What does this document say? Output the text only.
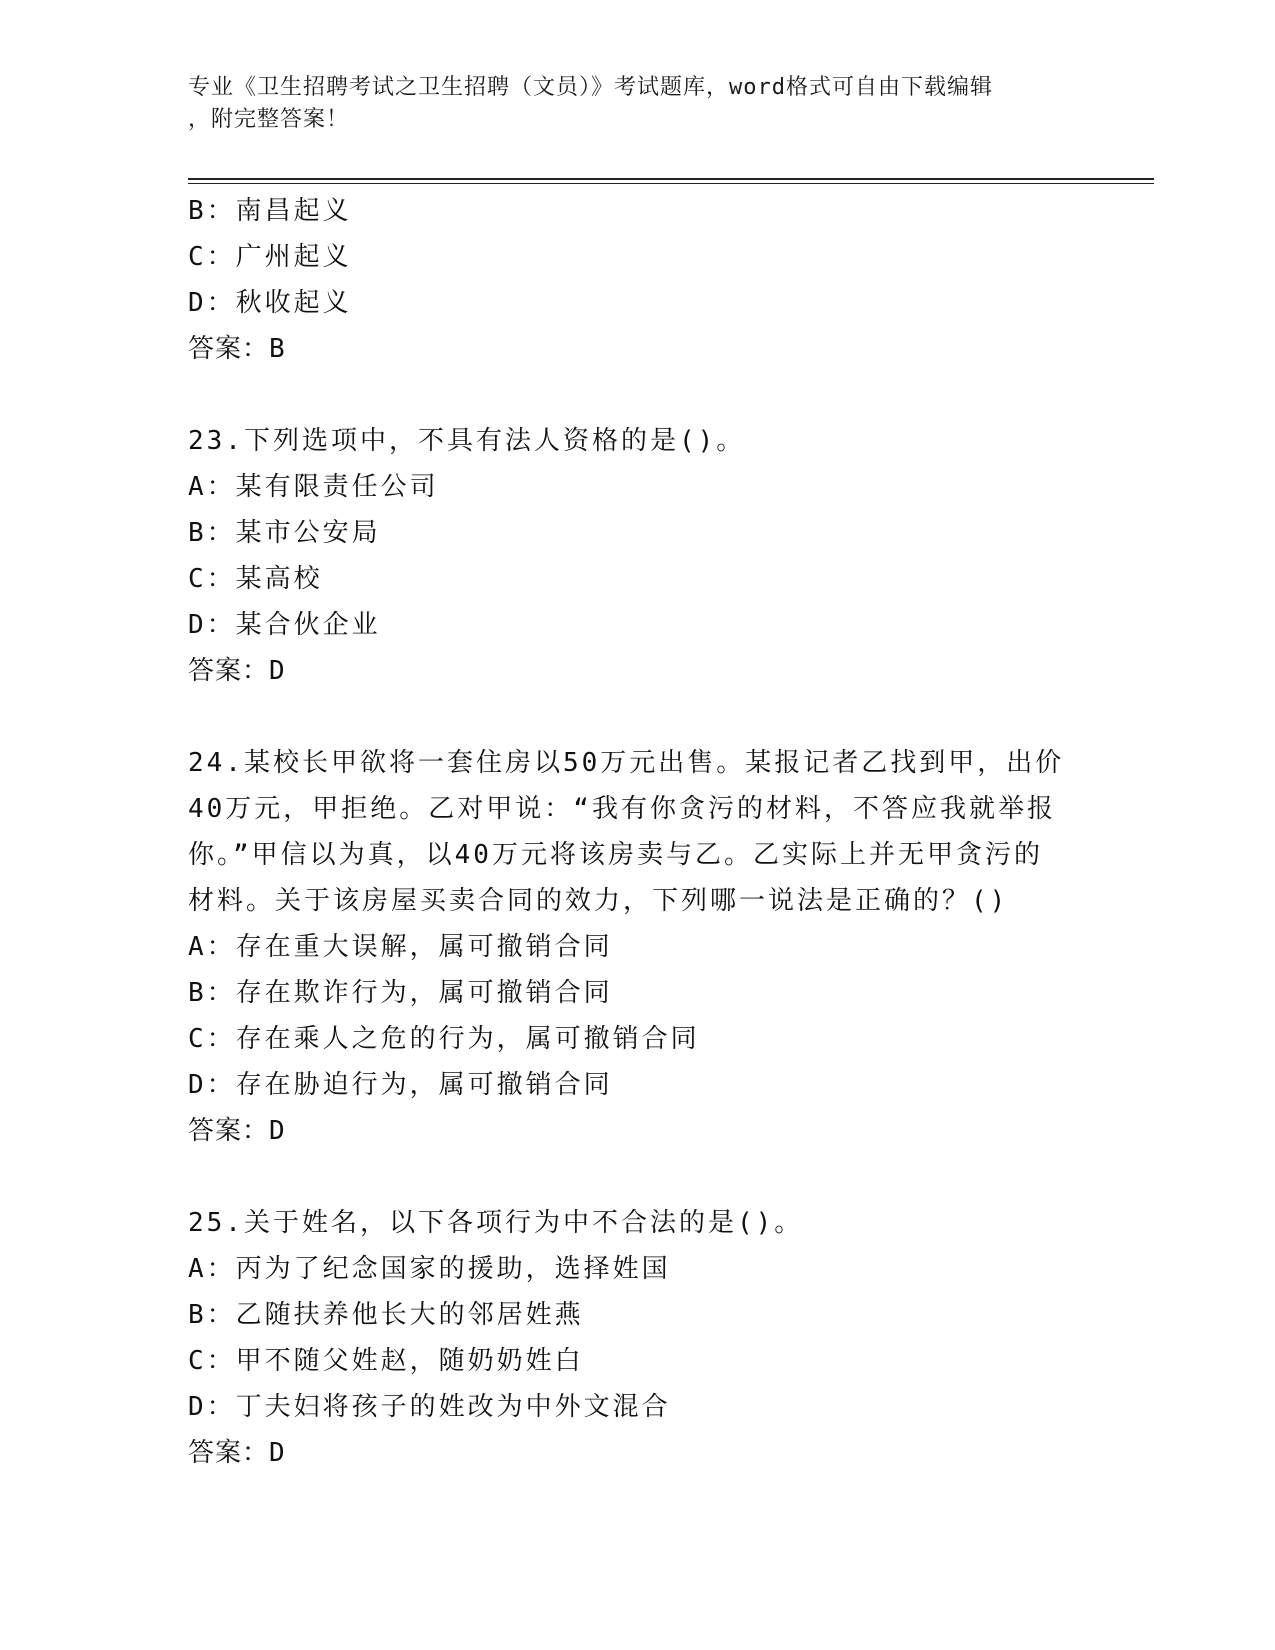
专业《卫生招聘考试之卫生招聘（文员）》考试题库，word格式可自由下载编辑
，附完整答案！
B：南昌起义
C：广州起义
D：秋收起义
答案：B
23.下列选项中，不具有法人资格的是()。
A：某有限责任公司
B：某市公安局
C：某高校
D：某合伙企业
答案：D
24.某校长甲欲将一套住房以50万元出售。某报记者乙找到甲，出价
40万元，甲拒绝。乙对甲说：“我有你贪污的材料，不答应我就举报
你。”甲信以为真，以40万元将该房卖与乙。乙实际上并无甲贪污的
材料。关于该房屋买卖合同的效力，下列哪一说法是正确的？()
A：存在重大误解，属可撤销合同
B：存在欺诈行为，属可撤销合同
C：存在乘人之危的行为，属可撤销合同
D：存在胁迫行为，属可撤销合同
答案：D
25.关于姓名，以下各项行为中不合法的是()。
A：丙为了纪念国家的援助，选择姓国
B：乙随扶养他长大的邻居姓燕
C：甲不随父姓赵，随奶奶姓白
D：丁夫妇将孩子的姓改为中外文混合
答案：D
